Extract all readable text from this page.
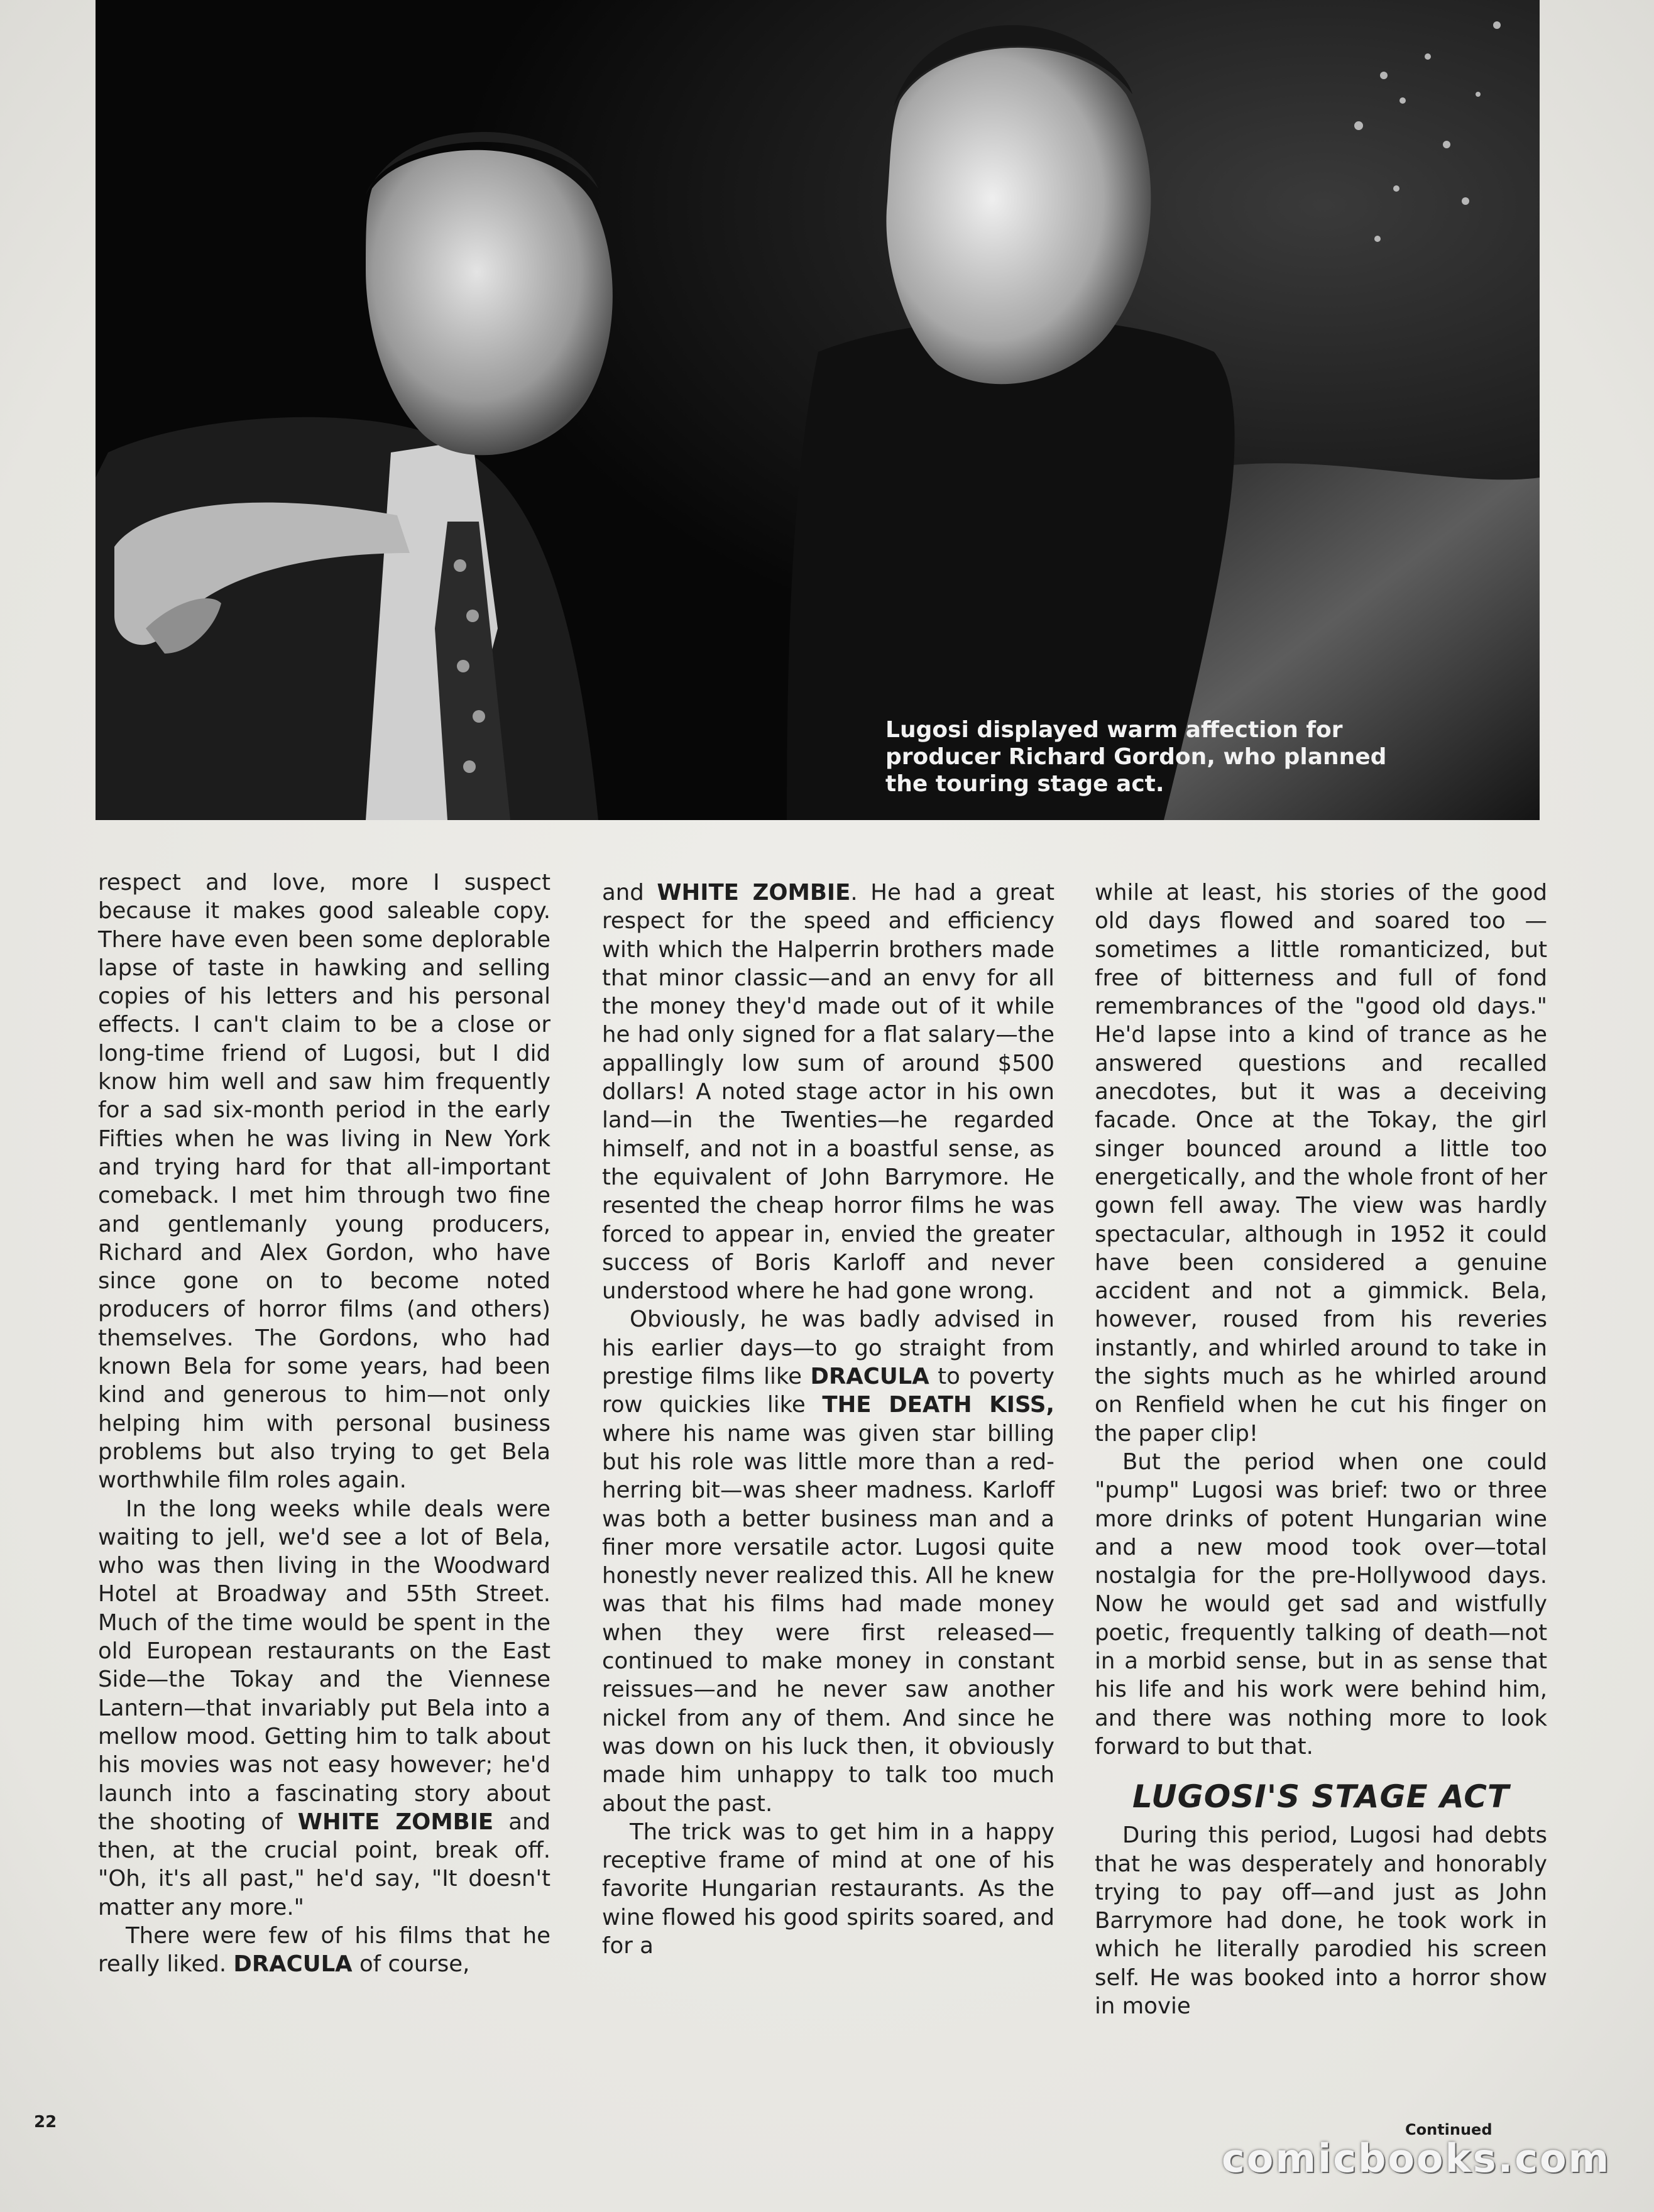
Lugosi displayed warm affection for
producer Richard Gordon, who planned
the touring stage act.

respect and love, more I suspect because it makes good saleable copy. There have even been some deplorable lapse of taste in hawking and selling copies of his letters and his personal effects. I can't claim to be a close or long-time friend of Lugosi, but I did know him well and saw him frequently for a sad six-month period in the early Fifties when he was living in New York and trying hard for that all-important comeback. I met him through two fine and gentlemanly young producers, Richard and Alex Gordon, who have since gone on to become noted producers of horror films (and others) themselves. The Gordons, who had known Bela for some years, had been kind and generous to him—not only helping him with personal business problems but also trying to get Bela worthwhile film roles again.

In the long weeks while deals were waiting to jell, we'd see a lot of Bela, who was then living in the Woodward Hotel at Broadway and 55th Street. Much of the time would be spent in the old European restaurants on the East Side—the Tokay and the Viennese Lantern—that invariably put Bela into a mellow mood. Getting him to talk about his movies was not easy however; he'd launch into a fascinating story about the shooting of WHITE ZOMBIE and then, at the crucial point, break off. "Oh, it's all past," he'd say, "It doesn't matter any more."

There were few of his films that he really liked. DRACULA of course,

and WHITE ZOMBIE. He had a great respect for the speed and efficiency with which the Halperrin brothers made that minor classic—and an envy for all the money they'd made out of it while he had only signed for a flat salary—the appallingly low sum of around $500 dollars! A noted stage actor in his own land—in the Twenties—he regarded himself, and not in a boastful sense, as the equivalent of John Barrymore. He resented the cheap horror films he was forced to appear in, envied the greater success of Boris Karloff and never understood where he had gone wrong.

Obviously, he was badly advised in his earlier days—to go straight from prestige films like DRACULA to poverty row quickies like THE DEATH KISS, where his name was given star billing but his role was little more than a red-herring bit—was sheer madness. Karloff was both a better business man and a finer more versatile actor. Lugosi quite honestly never realized this. All he knew was that his films had made money when they were first released—continued to make money in constant reissues—and he never saw another nickel from any of them. And since he was down on his luck then, it obviously made him unhappy to talk too much about the past.

The trick was to get him in a happy receptive frame of mind at one of his favorite Hungarian restaurants. As the wine flowed his good spirits soared, and for a

while at least, his stories of the good old days flowed and soared too — sometimes a little romanticized, but free of bitterness and full of fond remembrances of the "good old days." He'd lapse into a kind of trance as he answered questions and recalled anecdotes, but it was a deceiving facade. Once at the Tokay, the girl singer bounced around a little too energetically, and the whole front of her gown fell away. The view was hardly spectacular, although in 1952 it could have been considered a genuine accident and not a gimmick. Bela, however, roused from his reveries instantly, and whirled around to take in the sights much as he whirled around on Renfield when he cut his finger on the paper clip!

But the period when one could "pump" Lugosi was brief: two or three more drinks of potent Hungarian wine and a new mood took over—total nostalgia for the pre-Hollywood days. Now he would get sad and wistfully poetic, frequently talking of death—not in a morbid sense, but in as sense that his life and his work were behind him, and there was nothing more to look forward to but that.

LUGOSI'S STAGE ACT

During this period, Lugosi had debts that he was desperately and honorably trying to pay off—and just as John Barrymore had done, he took work in which he literally parodied his screen self. He was booked into a horror show in movie

22	Continued
comicbooks.com
